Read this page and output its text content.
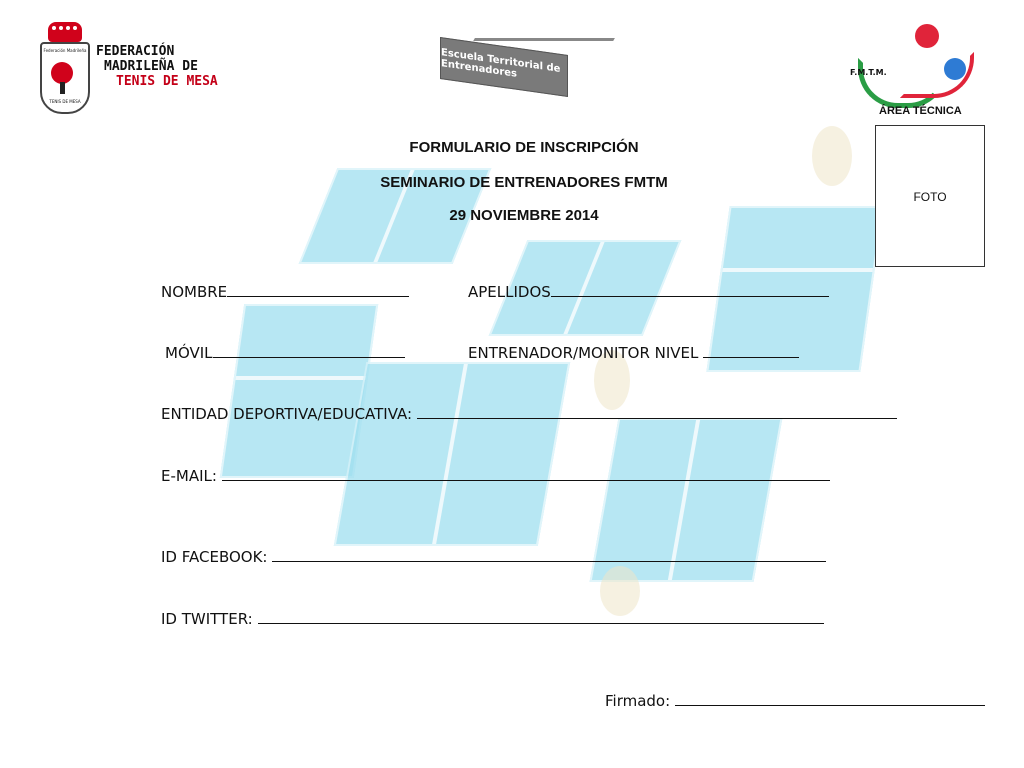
Federación Madrileña
TENIS DE MESA
FEDERACIÓN
MADRILEÑA DE
TENIS DE MESA
Escuela Territorial de Entrenadores	F.M.T.M.
ÁREA TÉCNICA
FOTO
FORMULARIO DE INSCRIPCIÓN
SEMINARIO DE ENTRENADORES FMTM
29 NOVIEMBRE 2014
NOMBRE	APELLIDOS
MÓVIL	ENTRENADOR/MONITOR NIVEL
ENTIDAD DEPORTIVA/EDUCATIVA:
E-MAIL:
ID FACEBOOK:
ID TWITTER:
Firmado:
